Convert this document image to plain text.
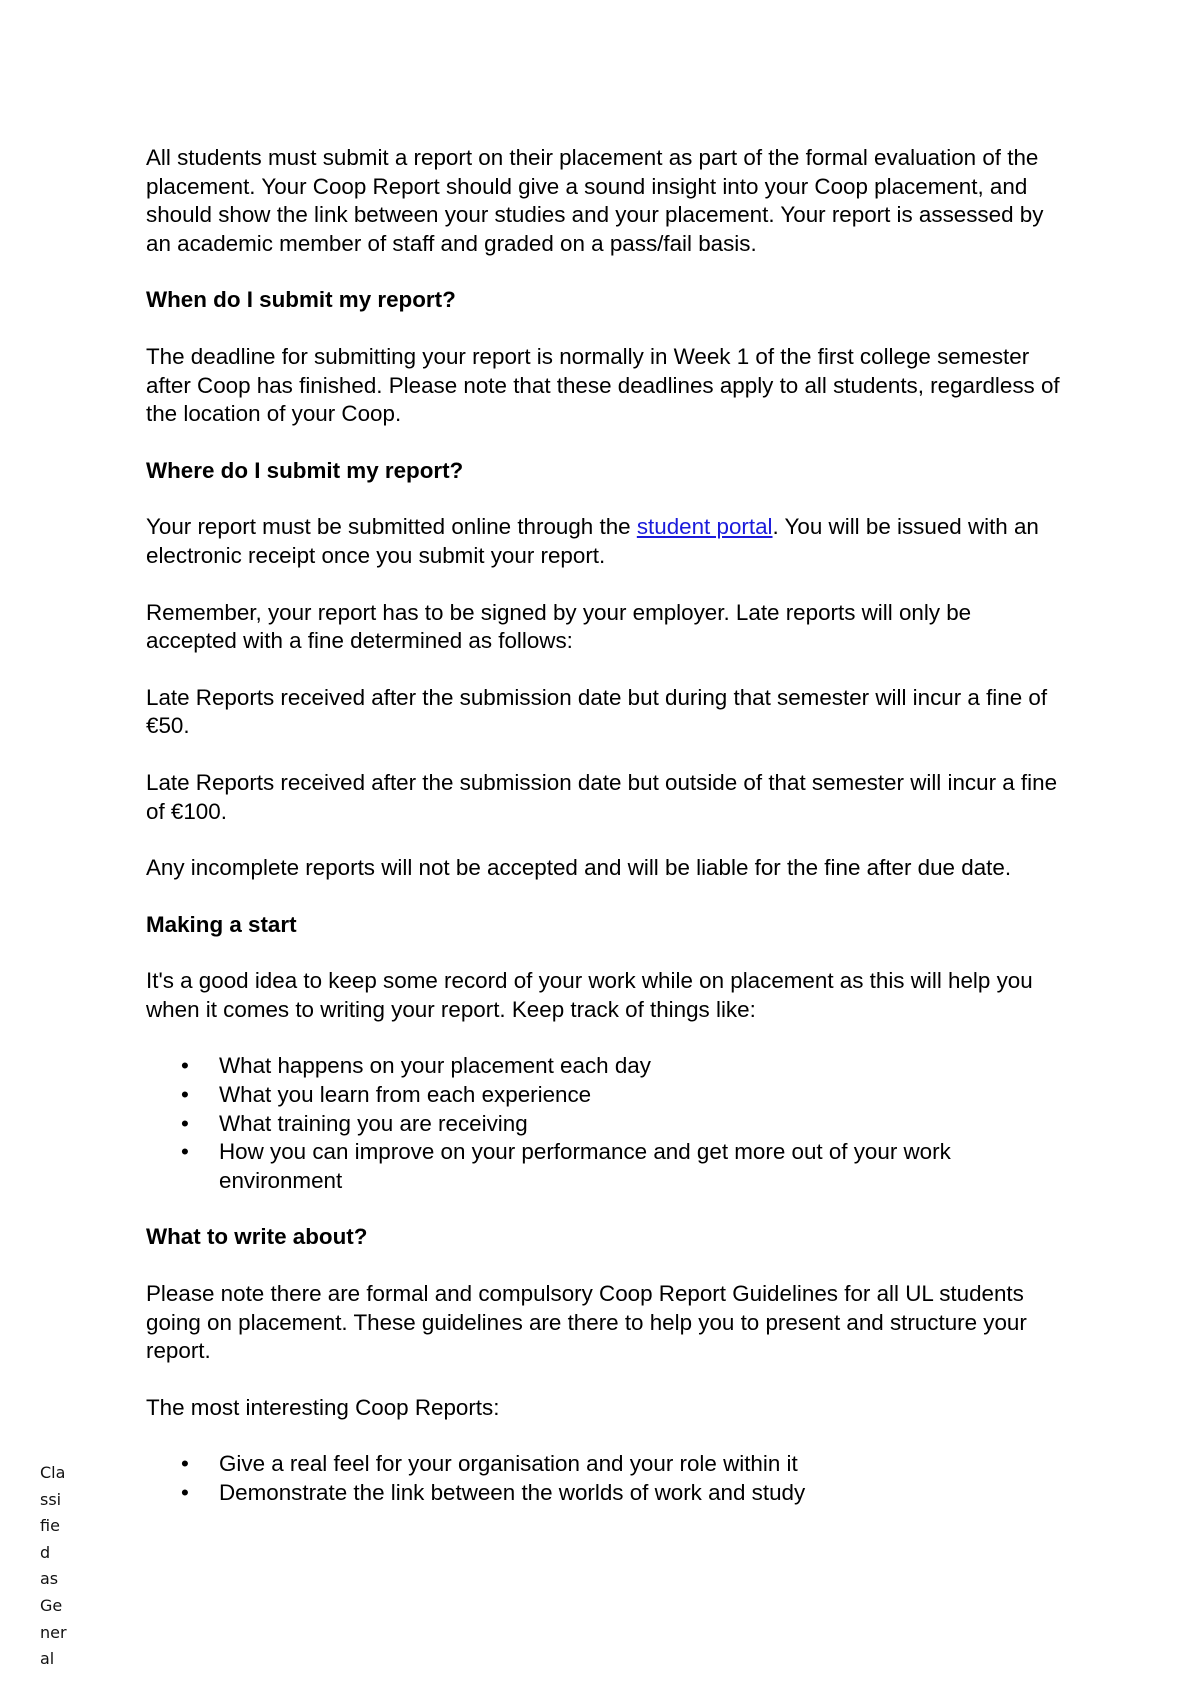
All students must submit a report on their placement as part of the formal evaluation of the placement. Your Coop Report should give a sound insight into your Coop placement, and should show the link between your studies and your placement. Your report is assessed by an academic member of staff and graded on a pass/fail basis.

When do I submit my report?

The deadline for submitting your report is normally in Week 1 of the first college semester after Coop has finished. Please note that these deadlines apply to all students, regardless of the location of your Coop.

Where do I submit my report?

Your report must be submitted online through the student portal. You will be issued with an electronic receipt once you submit your report.

Remember, your report has to be signed by your employer. Late reports will only be accepted with a fine determined as follows:

Late Reports received after the submission date but during that semester will incur a fine of €50.

Late Reports received after the submission date but outside of that semester will incur a fine of €100.

Any incomplete reports will not be accepted and will be liable for the fine after due date.

Making a start

It's a good idea to keep some record of your work while on placement as this will help you when it comes to writing your report. Keep track of things like:

• What happens on your placement each day
• What you learn from each experience
• What training you are receiving
• How you can improve on your performance and get more out of your work environment
What to write about?

Please note there are formal and compulsory Coop Report Guidelines for all UL students going on placement. These guidelines are there to help you to present and structure your report.

The most interesting Coop Reports:

• Give a real feel for your organisation and your role within it
• Demonstrate the link between the worlds of work and study
Cla
ssi
fie
d
as
Ge
ner
al
